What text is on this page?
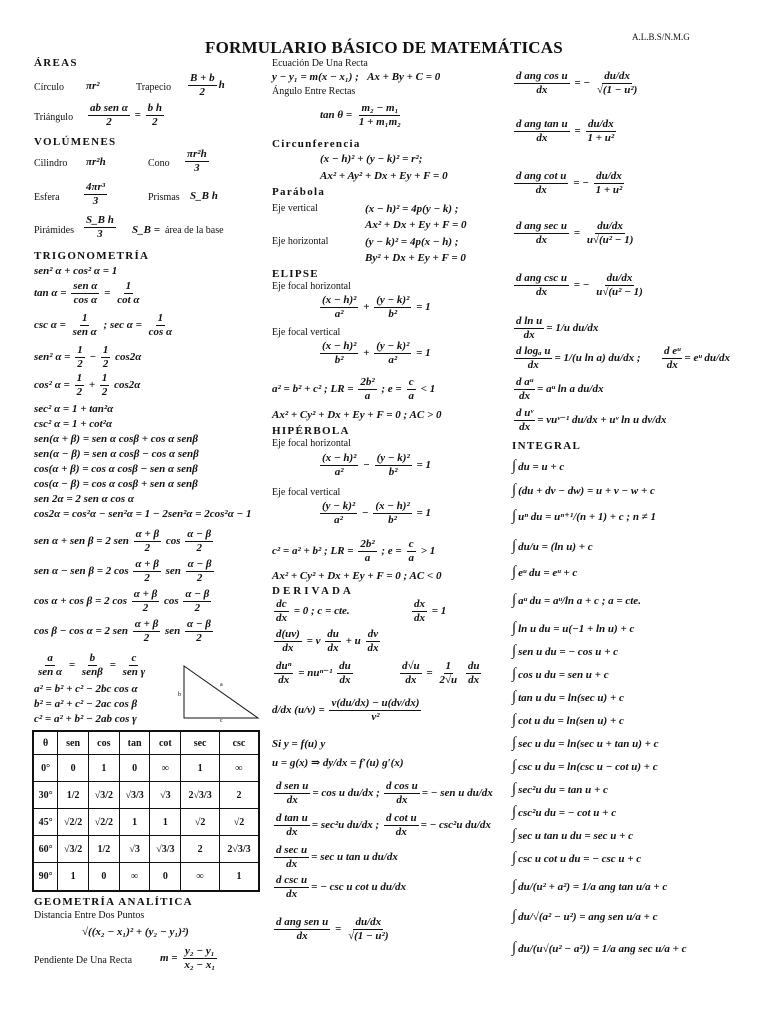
A.L.B.S/N.M.G
FORMULARIO BÁSICO DE MATEMÁTICAS
ÁREAS
Círculo πr²	Trapecio $\frac{B + b}{2}$ h
Triángulo $\frac{\text{ab sen α}}{2} = \frac{\text{b h}}{2}$
VOLÚMENES
Cilindro πr²h	Cono $\frac{\text{πr²h}}{3}$
Esfera $\frac{\text{4πr³}}{3}$	Prismas S_B h
Pirámides $\frac{\text{S\_B h}}{3}$ S_B = área de la base
TRIGONOMETRÍA
sen² α + cos² α = 1
$\tan \alpha = \frac{\text{sen α}}{\text{cos α}} = \frac{1}{\text{cot α}}$
$\csc \alpha = \frac{1}{\text{sen α}}$ ; $\sec \alpha = \frac{1}{\text{cos α}}$
sen² $\alpha = \frac{1}{2} - \frac{1}{2} \cos 2\alpha$
cos² $\alpha = \frac{1}{2} + \frac{1}{2} \cos 2\alpha$
sec² α = 1 + tan²α
csc² α = 1 + cot²α
sen(α + β) = sen α cosβ + cos α senβ
sen(α − β) = sen α cosβ − cos α senβ
cos(α + β) = cos α cosβ − sen α senβ
cos(α − β) = cos α cosβ + sen α senβ
sen 2α = 2 sen α cos α
cos2α = cos²α − sen²α = 1 − 2sen²α = 2cos²α − 1
sen α + sen β = 2 sen $\frac{\alpha + \beta}{2}$ $\cos \frac{\alpha - \beta}{2}$
sen α − sen β = 2 $\cos \frac{\alpha + \beta}{2}$ sen $\frac{\alpha - \beta}{2}$
cos α + cos β = 2 $\cos \frac{\alpha + \beta}{2}$ $\cos \frac{\alpha - \beta}{2}$
cos β − cos α = 2 sen $\frac{\alpha + \beta}{2}$ sen $\frac{\alpha - \beta}{2}$
$\frac{a}{\text{sen α}} = \frac{b}{\text{senβ}} = \frac{c}{\text{sen γ}}$
a
b
c
a² = b² + c² − 2bc cos α
b² = a² + c² − 2ac cos β
c² = a² + b² − 2ab cos γ
θ	sen	cos	tan	cot	sec	csc
0°	0	1	0	∞	1	∞
30°	1/2	√3/2	√3/3	√3	2√3/3	2
45°	√2/2	√2/2	1	1	√2	√2
60°	√3/2	1/2	√3	√3/3	2	2√3/3
90°	1	0	∞	0	∞	1
GEOMETRÍA ANALÍTICA
Distancia Entre Dos Puntos
√((x₂ − x₁)² + (y₂ − y₁)²)
Pendiente De Una Recta	$m = \frac{\text{y₂ − y₁}}{\text{x₂ − x₁}}$
Ecuación De Una Recta
y − y₁ = m(x − x₁) ; Ax + By + C = 0
Ángulo Entre Rectas
$\tan \theta = \frac{\text{m₂ − m₁}}{\text{1 + m₁m₂}}$
Circunferencia
(x − h)² + (y − k)² = r²;
Ax² + Ay² + Dx + Ey + F = 0
Parábola
Eje vertical	(x − h)² = 4p(y − k) ;
Ax² + Dx + Ey + F = 0
Eje horizontal	(y − k)² = 4p(x − h) ;
By² + Dx + Ey + F = 0
ELIPSE
Eje focal horizontal
$\frac{\text{(x − h)²}}{\text{a²}} + \frac{\text{(y − k)²}}{\text{b²}} = 1$
Eje focal vertical
$\frac{\text{(x − h)²}}{\text{b²}} + \frac{\text{(y − k)²}}{\text{a²}} = 1$
a² = b² + c² ; LR = $\frac{\text{2b²}}{a}$ ; $e = \frac{c}{a} < 1$
Ax² + Cy² + Dx + Ey + F = 0 ; AC > 0
HIPÉRBOLA
Eje focal horizontal
$\frac{\text{(x − h)²}}{\text{a²}} - \frac{\text{(y − k)²}}{\text{b²}} = 1$
Eje focal vertical
$\frac{\text{(y − k)²}}{\text{a²}} - \frac{\text{(x − h)²}}{\text{b²}} = 1$
c² = a² + b² ; LR = $\frac{\text{2b²}}{a}$ ; $e = \frac{c}{a} > 1$
Ax² + Cy² + Dx + Ey + F = 0 ; AC < 0
DERIVADA
$\frac{dc}{dx} = 0$ ; c = cte.	$\frac{dx}{dx} = 1$
$\frac{d(uv)}{dx} = v \frac{du}{dx} + u \frac{dv}{dx}$
$\frac{\text{duⁿ}}{dx} = nu^{n-1} \frac{du}{dx}$	$\frac{d√u}{dx} = \frac{1}{2√u}$
$\frac{du}{dx}$
d/dx $(u/v) = \frac{v(du/dx) - u(dv/dx)}{\text{v²}}$
Si y = f(u) y
u = g(x) ⇒ dy/dx = f′(u) g′(x)
$\frac{\text{d sen u}}{dx} = \cos u$ du/dx ; $\frac{\text{d cos u}}{dx}$ = − sen u du/dx
$\frac{\text{d tan u}}{dx} = \sec^2u$ du/dx ; $\frac{\text{d cot u}}{dx}$ = − csc²u du/dx
$\frac{\text{d sec u}}{dx} = \sec u$ tan u du/dx
$\frac{\text{d csc u}}{dx}$ = − csc u cot u du/dx
$\frac{\text{d ang sen u}}{dx} = \frac{du/dx}{\text{√(1 − u²)}}$
$\frac{\text{d ang cos u}}{dx}$ = − $\frac{du/dx}{\text{√(1 − u²)}}$
$\frac{\text{d ang tan u}}{dx} = \frac{du/dx}{\text{1 + u²}}$
$\frac{\text{d ang cot u}}{dx}$ = − $\frac{du/dx}{\text{1 + u²}}$
$\frac{\text{d ang sec u}}{dx} = \frac{du/dx}{\text{u√(u² − 1)}}$
$\frac{\text{d ang csc u}}{dx}$ = − $\frac{du/dx}{\text{u√(u² − 1)}}$
$\frac{\text{d ln u}}{dx} = 1/u$ du/dx
$\frac{\text{d logₐ u}}{dx} = 1/(u$ ln a) du/dx ; $\frac{\text{d eᵘ}}{dx}$ = eᵘ du/dx
$\frac{\text{d aᵘ}}{dx}$ = aᵘ ln a du/dx
$\frac{\text{d uᵛ}}{dx}$ = vuᵛ⁻¹ du/dx + uᵛ ln u dv/dx
INTEGRAL
∫ du = u + c
∫ (du + dv − dw) = u + v − w + c
∫ uⁿ du = uⁿ⁺¹/(n + 1) + c ; n ≠ 1
∫ du/u = (ln u) + c
∫ eᵘ du = eᵘ + c
∫ aᵘ du = aᵘ/ln a + c ; a = cte.
∫ ln u du = u(−1 + ln u) + c
∫ sen u du = − cos u + c
∫ cos u du = sen u + c
∫ tan u du = ln(sec u) + c
∫ cot u du = ln(sen u) + c
∫ sec u du = ln(sec u + tan u) + c
∫ csc u du = ln(csc u − cot u) + c
∫ sec²u du = tan u + c
∫ csc²u du = − cot u + c
∫ sec u tan u du = sec u + c
∫ csc u cot u du = − csc u + c
∫ du/(u² + a²) = 1/a ang tan u/a + c
∫ du/√(a² − u²) = ang sen u/a + c
∫ du/(u√(u² − a²)) = 1/a ang sec u/a + c
